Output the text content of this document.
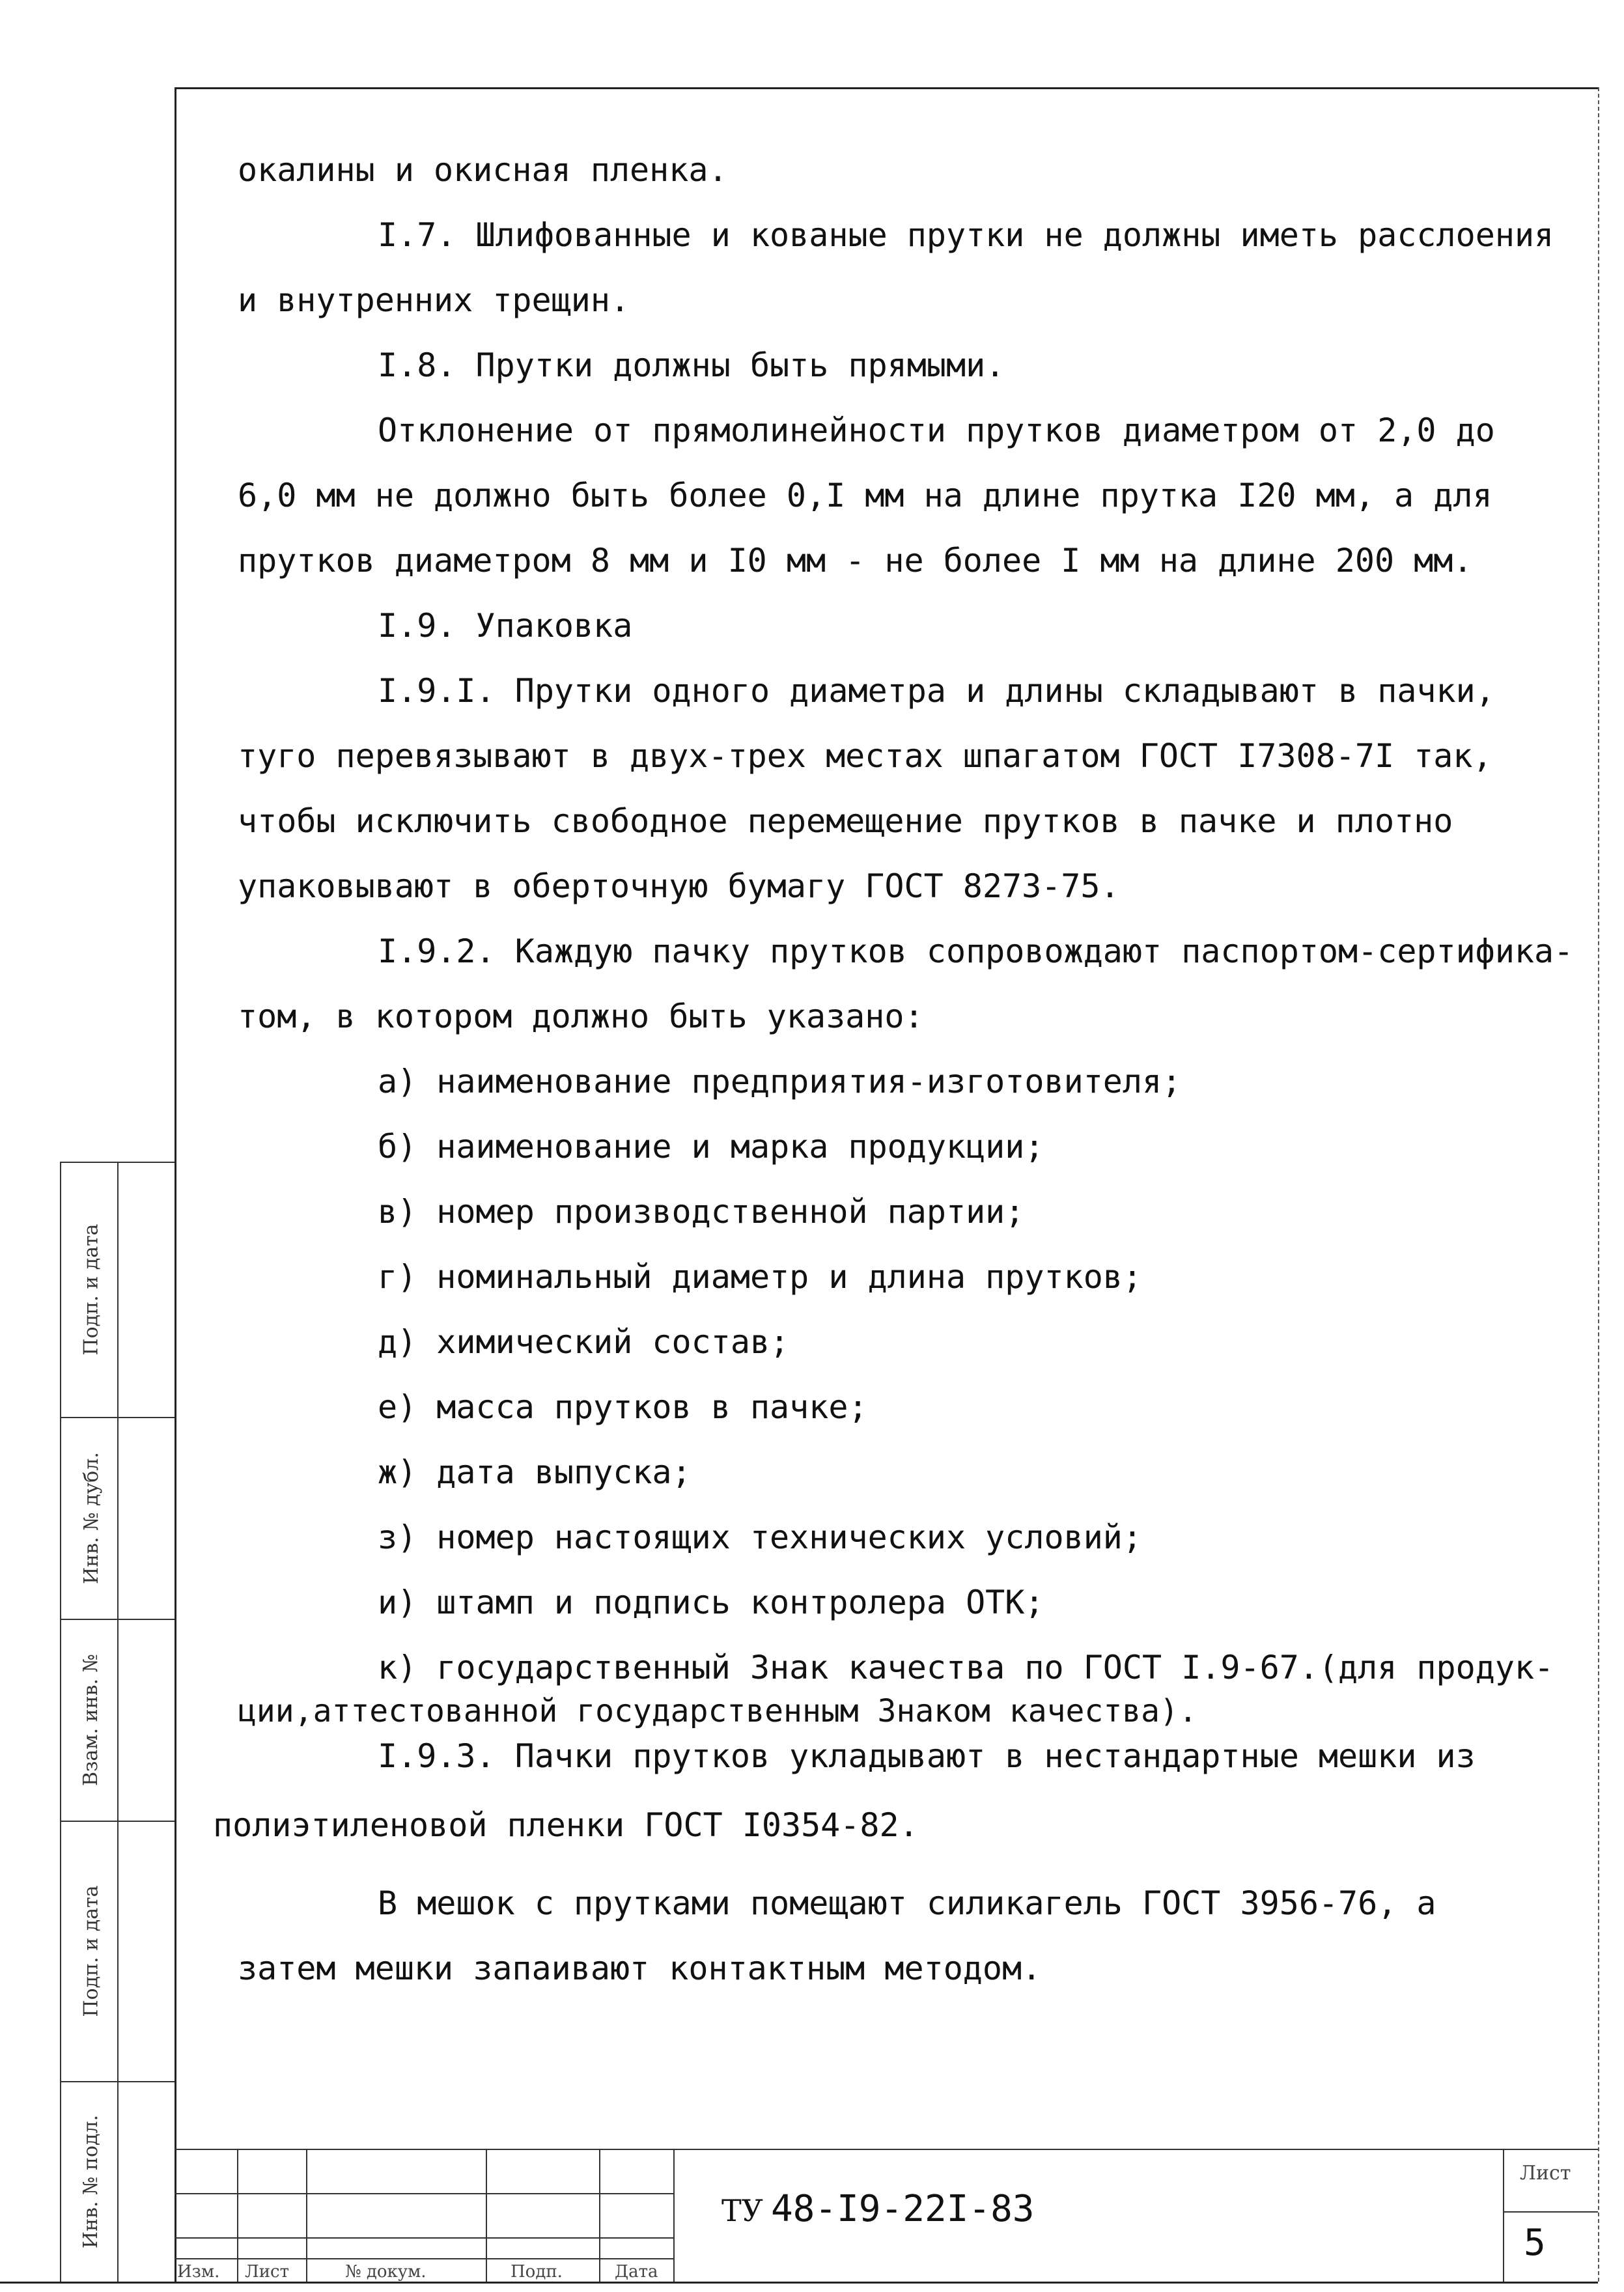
окалины и окисная пленка.
I.7. Шлифованные и кованые прутки не должны иметь расслоения
и внутренних трещин.
I.8. Прутки должны быть прямыми.
Отклонение от прямолинейности прутков диаметром от 2,0 до
6,0 мм не должно быть более 0,I мм на длине прутка I20 мм, а для
прутков диаметром 8 мм и I0 мм - не более I мм на длине 200 мм.
I.9. Упаковка
I.9.I. Прутки одного диаметра и длины складывают в пачки,
туго перевязывают в двух-трех местах шпагатом ГОСТ I7308-7I так,
чтобы исключить свободное перемещение прутков в пачке и плотно
упаковывают в оберточную бумагу ГОСТ 8273-75.
I.9.2. Каждую пачку прутков сопровождают паспортом-сертифика-
том, в котором должно быть указано:
а) наименование предприятия-изготовителя;
б) наименование и марка продукции;
в) номер производственной партии;
г) номинальный диаметр и длина прутков;
д) химический состав;
е) масса прутков в пачке;
ж) дата выпуска;
з) номер настоящих технических условий;
и) штамп и подпись контролера ОТК;
к) государственный Знак качества по ГОСТ I.9-67.(для продук-
ции,аттестованной государственным Знаком качества).
I.9.3. Пачки прутков укладывают в нестандартные мешки из
полиэтиленовой пленки ГОСТ I0354-82.
В мешок с прутками помещают силикагель ГОСТ 3956-76, а
затем мешки запаивают контактным методом.
Подп. и дата
Инв. № дубл.
Взам. инв. №
Подп. и дата
Инв. № подл.
Изм. Лист	№ докум.	Подп.	Дата
ТУ 48-I9-22I-83
Лист
5
